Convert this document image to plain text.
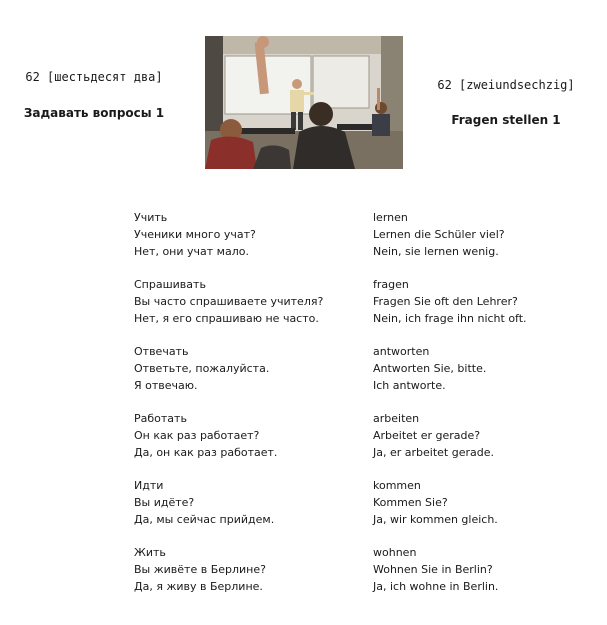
62 [шестьдесят два]
Задавать вопросы 1
62 [zweiundsechzig]
Fragen stellen 1
Учить
Ученики много учат?
Нет, они учат мало.
Спрашивать
Вы часто спрашиваете учителя?
Нет, я его спрашиваю не часто.
Отвечать
Ответьте, пожалуйста.
Я отвечаю.
Работать
Он как раз работает?
Да, он как раз работает.
Идти
Вы идёте?
Да, мы сейчас прийдем.
Жить
Вы живёте в Берлине?
Да, я живу в Берлине.
lernen
Lernen die Schüler viel?
Nein, sie lernen wenig.
fragen
Fragen Sie oft den Lehrer?
Nein, ich frage ihn nicht oft.
antworten
Antworten Sie, bitte.
Ich antworte.
arbeiten
Arbeitet er gerade?
Ja, er arbeitet gerade.
kommen
Kommen Sie?
Ja, wir kommen gleich.
wohnen
Wohnen Sie in Berlin?
Ja, ich wohne in Berlin.
